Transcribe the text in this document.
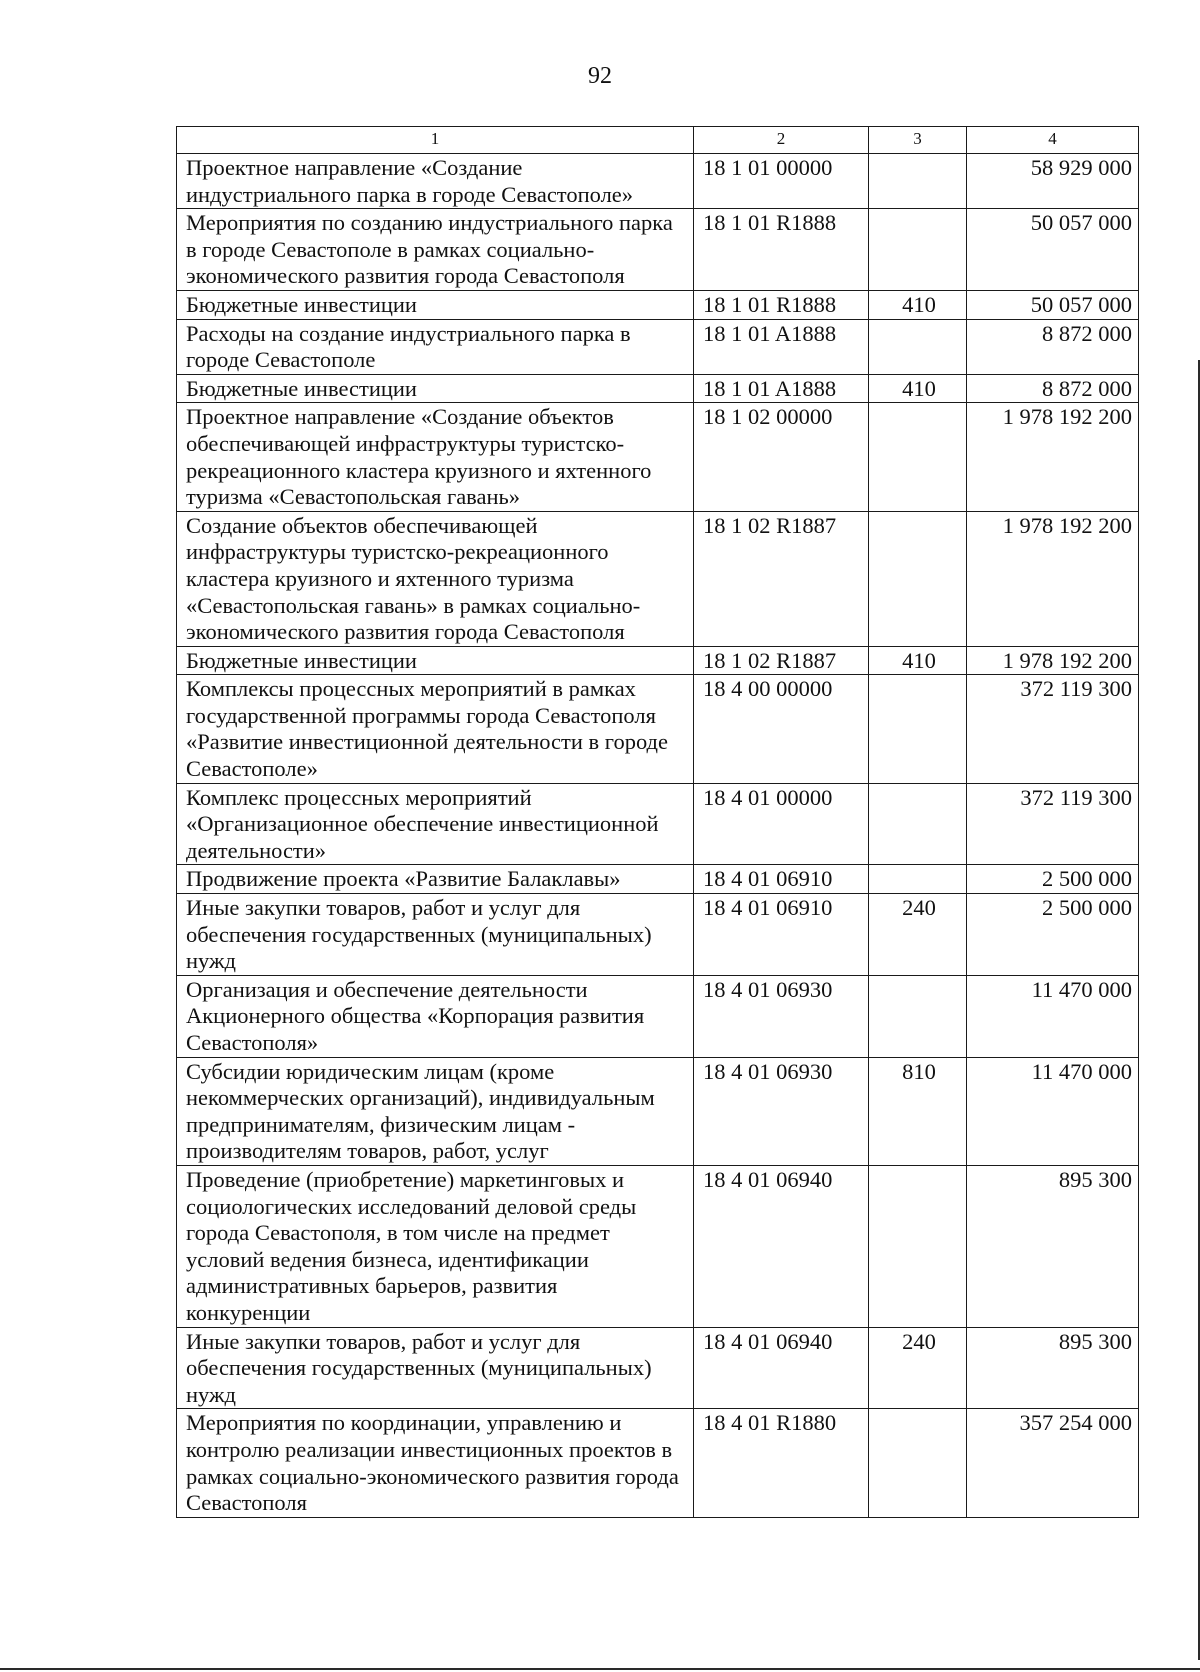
92
1	2	3	4
Проектное направление «Создание индустриального парка в городе Севастополе»	18 1 01 00000		58 929 000
Мероприятия по созданию индустриального парка в городе Севастополе в рамках социально-экономического развития города Севастополя	18 1 01 R1888		50 057 000
Бюджетные инвестиции	18 1 01 R1888	410	50 057 000
Расходы на создание индустриального парка в городе Севастополе	18 1 01 A1888		8 872 000
Бюджетные инвестиции	18 1 01 A1888	410	8 872 000
Проектное направление «Создание объектов обеспечивающей инфраструктуры туристско-рекреационного кластера круизного и яхтенного туризма «Севастопольская гавань»	18 1 02 00000		1 978 192 200
Создание объектов обеспечивающей инфраструктуры туристско-рекреационного кластера круизного и яхтенного туризма «Севастопольская гавань» в рамках социально-экономического развития города Севастополя	18 1 02 R1887		1 978 192 200
Бюджетные инвестиции	18 1 02 R1887	410	1 978 192 200
Комплексы процессных мероприятий в рамках государственной программы города Севастополя «Развитие инвестиционной деятельности в городе Севастополе»	18 4 00 00000		372 119 300
Комплекс процессных мероприятий «Организационное обеспечение инвестиционной деятельности»	18 4 01 00000		372 119 300
Продвижение проекта «Развитие Балаклавы»	18 4 01 06910		2 500 000
Иные закупки товаров, работ и услуг для обеспечения государственных (муниципальных) нужд	18 4 01 06910	240	2 500 000
Организация и обеспечение деятельности Акционерного общества «Корпорация развития Севастополя»	18 4 01 06930		11 470 000
Субсидии юридическим лицам (кроме некоммерческих организаций), индивидуальным предпринимателям, физическим лицам - производителям товаров, работ, услуг	18 4 01 06930	810	11 470 000
Проведение (приобретение) маркетинговых и социологических исследований деловой среды города Севастополя, в том числе на предмет условий ведения бизнеса, идентификации административных барьеров, развития конкуренции	18 4 01 06940		895 300
Иные закупки товаров, работ и услуг для обеспечения государственных (муниципальных) нужд	18 4 01 06940	240	895 300
Мероприятия по координации, управлению и контролю реализации инвестиционных проектов в рамках социально-экономического развития города Севастополя	18 4 01 R1880		357 254 000
